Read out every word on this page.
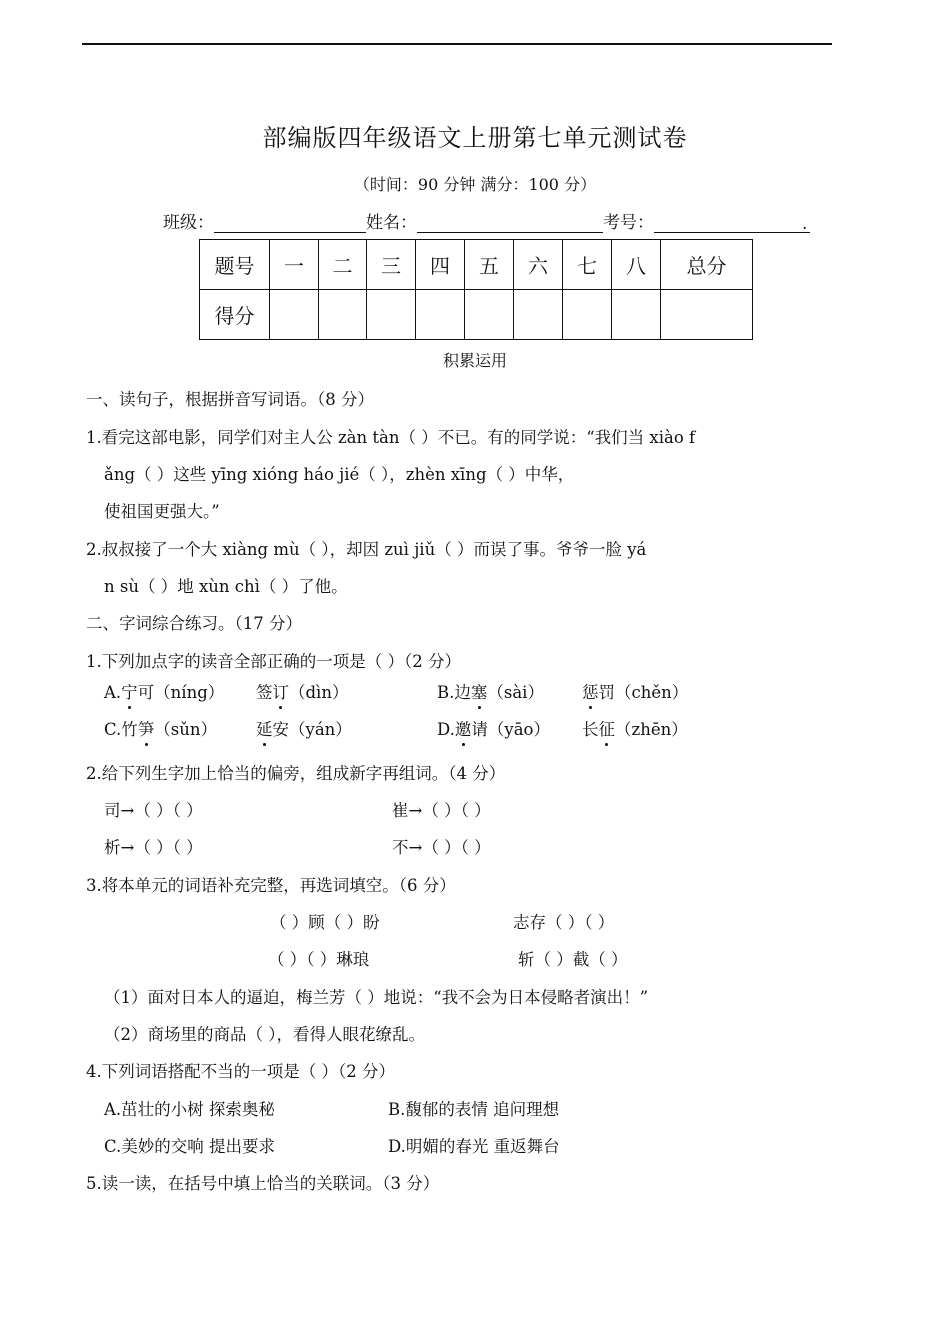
部编版四年级语文上册第七单元测试卷
（时间：90 分钟 满分：100 分）
班级：	姓名：	考号：	.
题号	一	二	三	四	五	六	七	八	总分
得分									
积累运用
一、读句子，根据拼音写词语。（8 分）
1.看完这部电影，同学们对主人公 zàn tàn（ ）不已。有的同学说：“我们当 xiào f
ǎng（ ）这些 yīng xióng háo jié（ ），zhèn xīng（ ）中华，
使祖国更强大。”
2.叔叔接了一个大 xiàng mù（ ），却因 zuì jiǔ（ ）而误了事。爷爷一脸 yá
n sù（ ）地 xùn chì（ ）了他。
二、字词综合练习。（17 分）
1.下列加点字的读音全部正确的一项是（ ）（2 分）
A.宁可（níng） 签订（dìn）	B.边塞（sài） 惩罚（chěn）
C.竹笋（sǔn） 延安（yán）	D.邀请（yāo） 长征（zhēn）
2.给下列生字加上恰当的偏旁，组成新字再组词。（4 分）
司→（ ）（ ）	崔→（ ）（ ）
析→（ ）（ ）	不→（ ）（ ）
3.将本单元的词语补充完整，再选词填空。（6 分）
（ ）顾（ ）盼	志存（ ）（ ）
（ ）（ ）琳琅	斩（ ）截（ ）
（1）面对日本人的逼迫，梅兰芳（ ）地说：“我不会为日本侵略者演出！”
（2）商场里的商品（ ），看得人眼花缭乱。
4.下列词语搭配不当的一项是（ ）（2 分）
A.茁壮的小树 探索奥秘	B.馥郁的表情 追问理想
C.美妙的交响 提出要求	D.明媚的春光 重返舞台
5.读一读，在括号中填上恰当的关联词。（3 分）
